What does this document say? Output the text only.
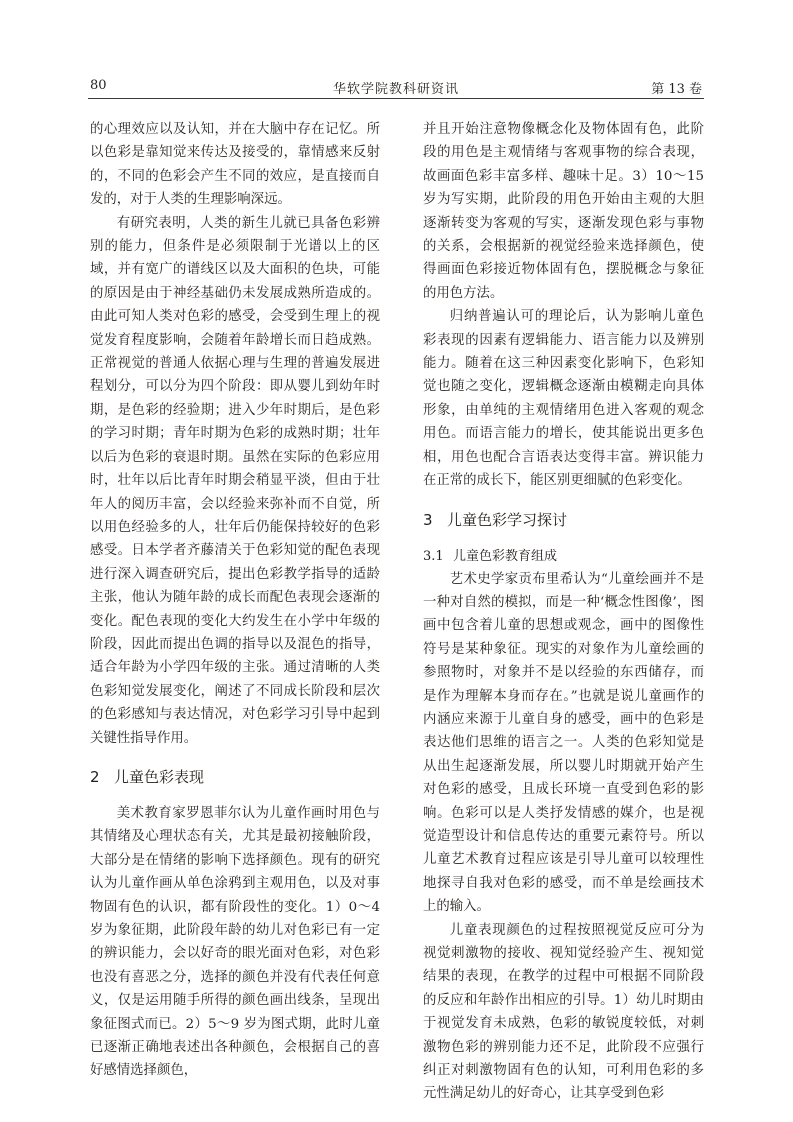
80	华软学院教科研资讯	第 13 卷

的心理效应以及认知，并在大脑中存在记忆。所以色彩是靠知觉来传达及接受的，靠情感来反射的，不同的色彩会产生不同的效应，是直接而自发的，对于人类的生理影响深远。

有研究表明，人类的新生儿就已具备色彩辨别的能力，但条件是必须限制于光谱以上的区域，并有宽广的谱线区以及大面积的色块，可能的原因是由于神经基础仍未发展成熟所造成的。由此可知人类对色彩的感受，会受到生理上的视觉发育程度影响，会随着年龄增长而日趋成熟。正常视觉的普通人依据心理与生理的普遍发展进程划分，可以分为四个阶段：即从婴儿到幼年时期，是色彩的经验期；进入少年时期后，是色彩的学习时期；青年时期为色彩的成熟时期；壮年以后为色彩的衰退时期。虽然在实际的色彩应用时，壮年以后比青年时期会稍显平淡，但由于壮年人的阅历丰富，会以经验来弥补而不自觉，所以用色经验多的人，壮年后仍能保持较好的色彩感受。日本学者齐藤清关于色彩知觉的配色表现进行深入调查研究后，提出色彩教学指导的适龄主张，他认为随年龄的成长而配色表现会逐渐的变化。配色表现的变化大约发生在小学中年级的阶段，因此而提出色调的指导以及混色的指导，适合年龄为小学四年级的主张。通过清晰的人类色彩知觉发展变化，阐述了不同成长阶段和层次的色彩感知与表达情况，对色彩学习引导中起到关键性指导作用。

2 儿童色彩表现

美术教育家罗恩菲尔认为儿童作画时用色与其情绪及心理状态有关，尤其是最初接触阶段，大部分是在情绪的影响下选择颜色。现有的研究认为儿童作画从单色涂鸦到主观用色，以及对事物固有色的认识，都有阶段性的变化。1）0～4 岁为象征期，此阶段年龄的幼儿对色彩已有一定的辨识能力，会以好奇的眼光面对色彩，对色彩也没有喜恶之分，选择的颜色并没有代表任何意义，仅是运用随手所得的颜色画出线条，呈现出象征图式而已。2）5～9 岁为图式期，此时儿童已逐渐正确地表述出各种颜色，会根据自己的喜好感情选择颜色，

并且开始注意物像概念化及物体固有色，此阶段的用色是主观情绪与客观事物的综合表现，故画面色彩丰富多样、趣味十足。3）10～15 岁为写实期，此阶段的用色开始由主观的大胆逐渐转变为客观的写实，逐渐发现色彩与事物的关系，会根据新的视觉经验来选择颜色，使得画面色彩接近物体固有色，摆脱概念与象征的用色方法。

归纳普遍认可的理论后，认为影响儿童色彩表现的因素有逻辑能力、语言能力以及辨别能力。随着在这三种因素变化影响下，色彩知觉也随之变化，逻辑概念逐渐由模糊走向具体形象，由单纯的主观情绪用色进入客观的观念用色。而语言能力的增长，使其能说出更多色相，用色也配合言语表达变得丰富。辨识能力在正常的成长下，能区别更细腻的色彩变化。

3 儿童色彩学习探讨
3.1 儿童色彩教育组成

艺术史学家贡布里希认为“儿童绘画并不是一种对自然的模拟，而是一种‘概念性图像’，图画中包含着儿童的思想或观念，画中的图像性符号是某种象征。现实的对象作为儿童绘画的参照物时，对象并不是以经验的东西储存，而是作为理解本身而存在。”也就是说儿童画作的内涵应来源于儿童自身的感受，画中的色彩是表达他们思维的语言之一。人类的色彩知觉是从出生起逐渐发展，所以婴儿时期就开始产生对色彩的感受，且成长环境一直受到色彩的影响。色彩可以是人类抒发情感的媒介，也是视觉造型设计和信息传达的重要元素符号。所以儿童艺术教育过程应该是引导儿童可以较理性地探寻自我对色彩的感受，而不单是绘画技术上的输入。

儿童表现颜色的过程按照视觉反应可分为视觉刺激物的接收、视知觉经验产生、视知觉结果的表现，在教学的过程中可根据不同阶段的反应和年龄作出相应的引导。1）幼儿时期由于视觉发育未成熟，色彩的敏锐度较低，对刺激物色彩的辨别能力还不足，此阶段不应强行纠正对刺激物固有色的认知，可利用色彩的多元性满足幼儿的好奇心，让其享受到色彩
